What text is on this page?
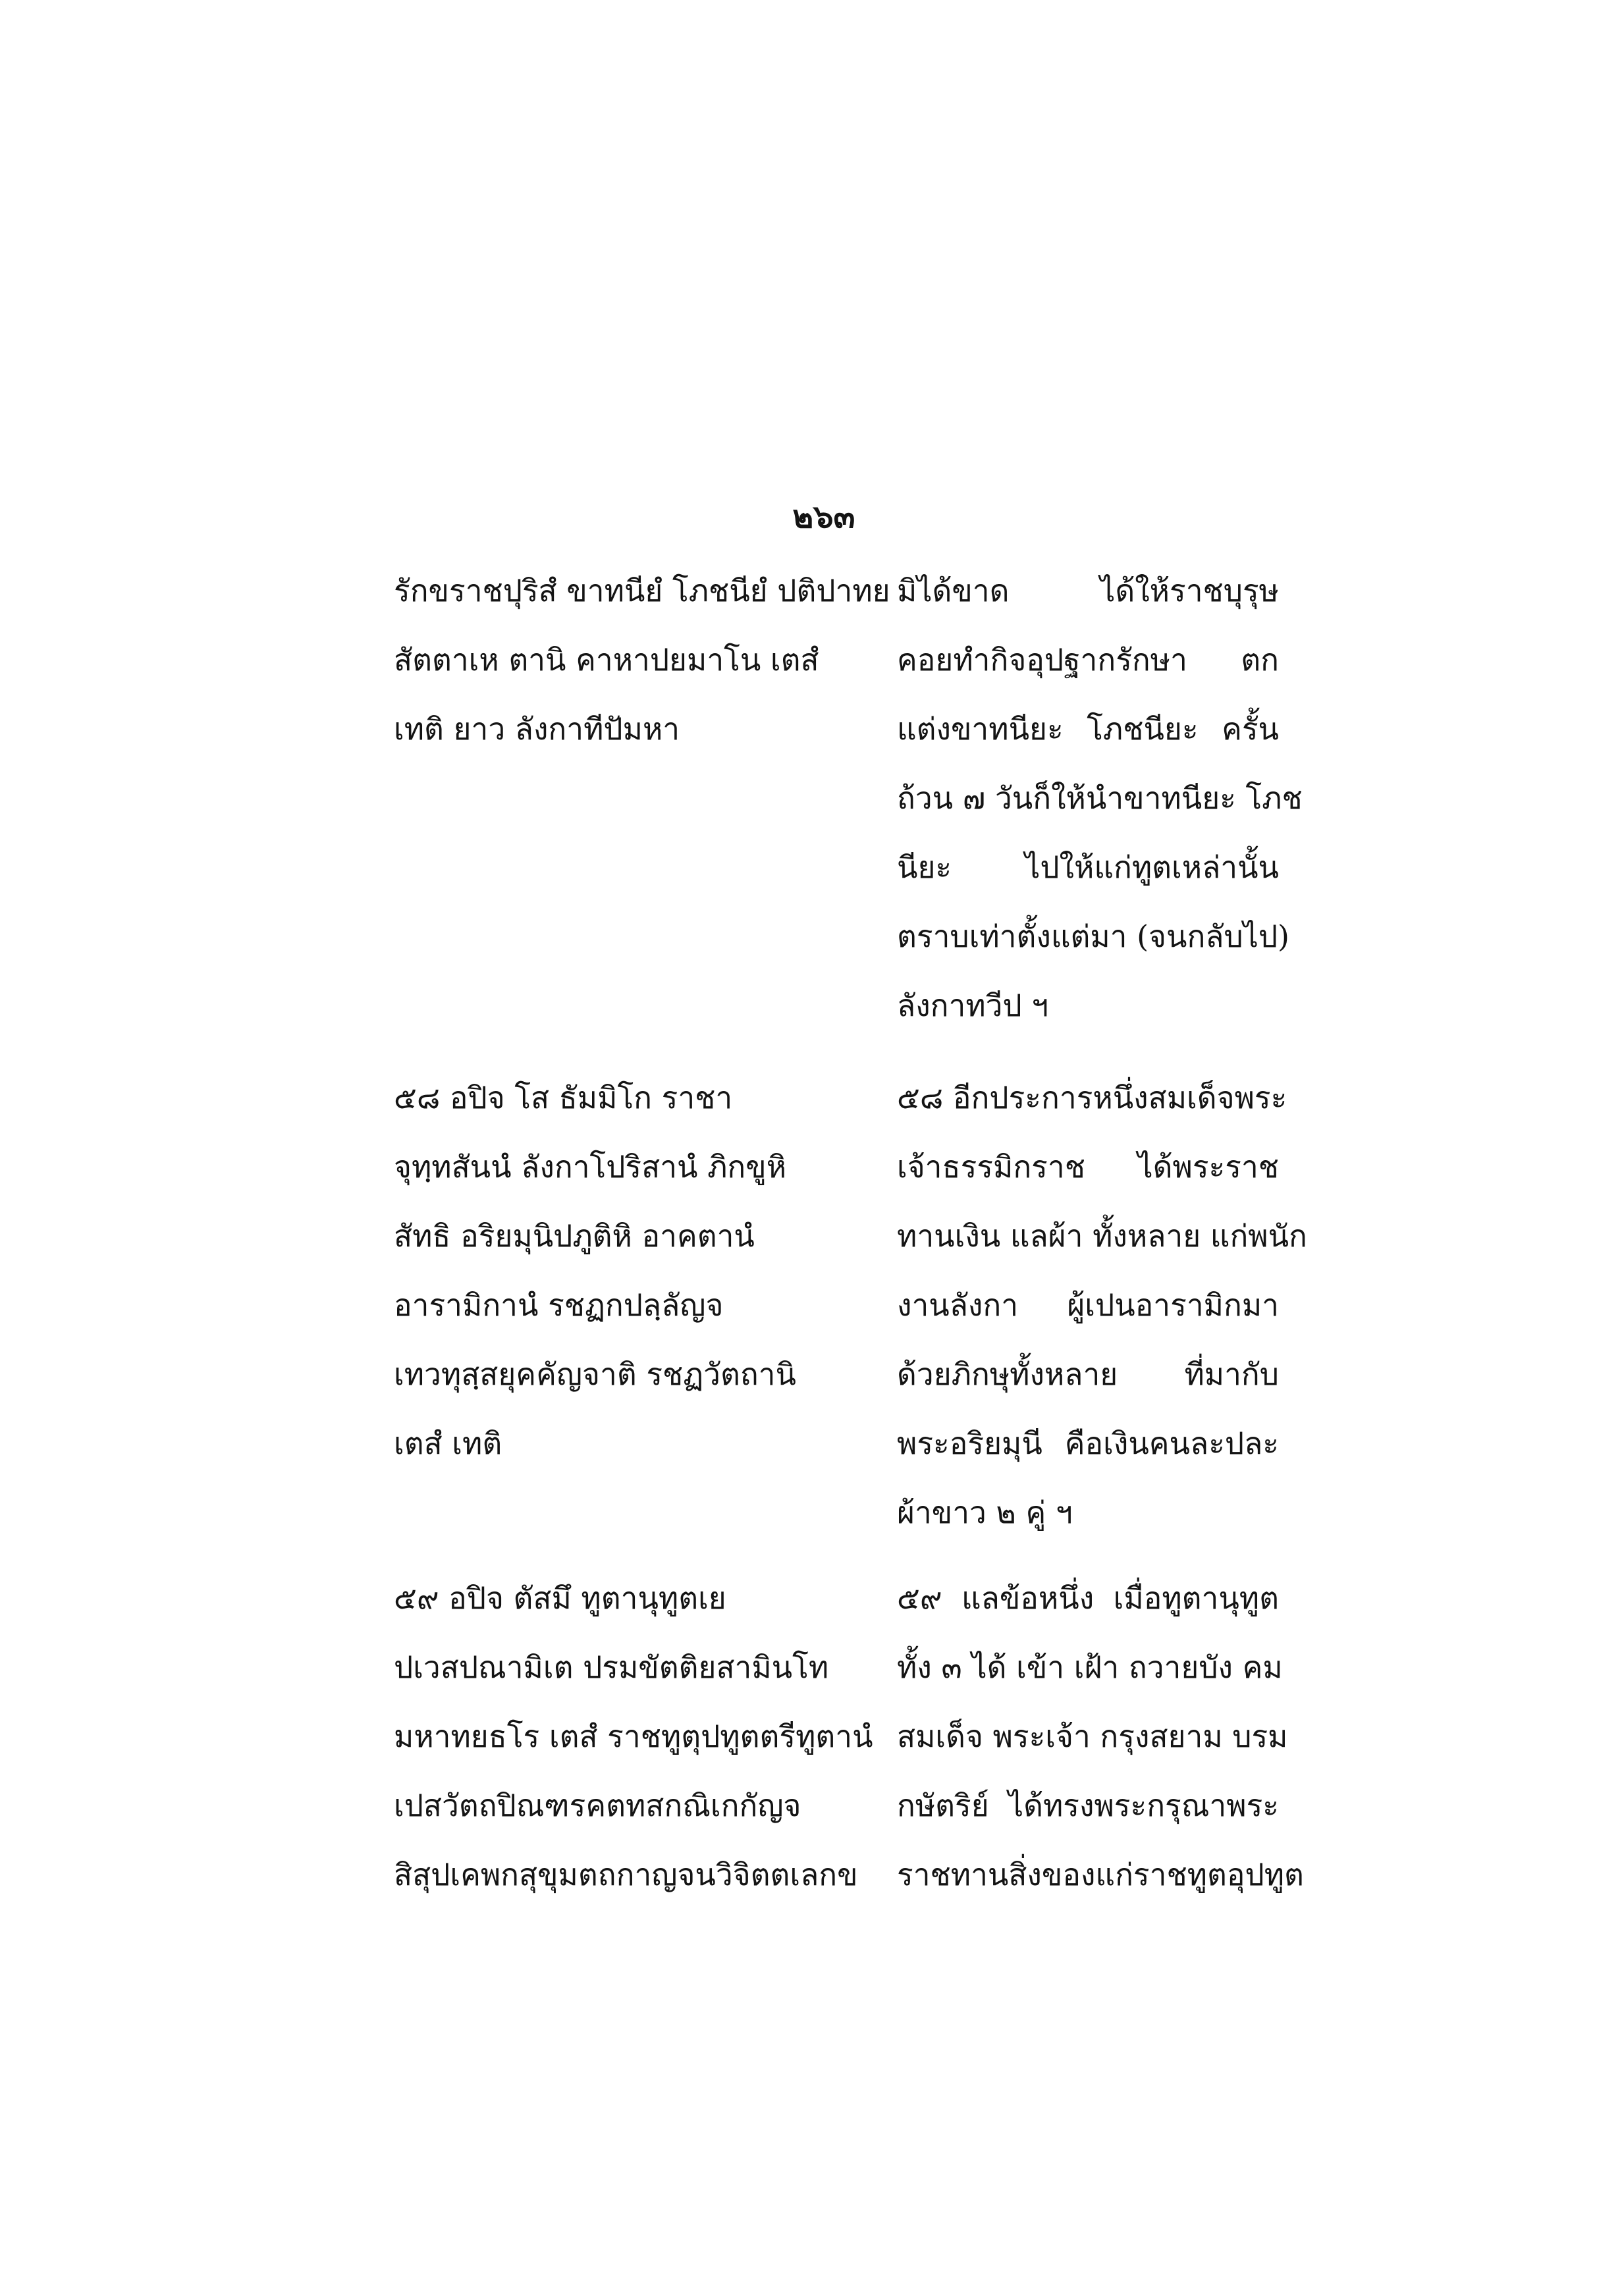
๒๖๓
รักขราชปุริสํ ขาทนียํ โภชนียํ ปติปาทย
สัตตาเห ตานิ คาหาปยมาโน เตสํ
เทติ ยาว ลังกาทีปัมหา
มิได้ขาด ได้ให้ราชบุรุษ
คอยทำกิจอุปฐากรักษา ตก
แต่งขาทนียะ โภชนียะ ครั้น
ถ้วน ๗ วันก็ให้นำขาทนียะ โภช
นียะ ไปให้แก่ทูตเหล่านั้น
ตราบเท่าตั้งแต่มา (จนกลับไป)
ลังกาทวีป ฯ
๕๘ อปิจ โส ธัมมิโก ราชา
จุทฺทสันนํ ลังกาโปริสานํ ภิกขูหิ
สัทธิ อริยมุนิปภูติหิ อาคตานํ
อารามิกานํ รชฏกปลฺลัญจ
เทวทุสฺสยุคคัญจาติ รชฏวัตถานิ
เตสํ เทติ
๕๘ อีกประการหนึ่งสมเด็จพระ
เจ้าธรรมิกราช ได้พระราช
ทานเงิน แลผ้า ทั้งหลาย แก่พนัก
งานลังกา ผู้เปนอารามิกมา
ด้วยภิกษุทั้งหลาย ที่มากับ
พระอริยมุนี คือเงินคนละปละ
ผ้าขาว ๒ คู่ ฯ
๕๙ อปิจ ตัสมึ ทูตานุทูตเย
ปเวสปณามิเต ปรมขัตติยสามินโท
มหาทยธโร เตสํ ราชทูตุปทูตตรีทูตานํ
เปสวัตถปิณฑรคตทสกณิเกกัญจ
สิสุปเคพกสุขุมตถกาญจนวิจิตตเลกข
๕๙ แลข้อหนึ่ง เมื่อทูตานุทูต
ทั้ง ๓ ได้ เข้า เฝ้า ถวายบัง คม
สมเด็จ พระเจ้า กรุงสยาม บรม
กษัตริย์ ได้ทรงพระกรุณาพระ
ราชทานสิ่งของแก่ราชทูตอุปทูต
